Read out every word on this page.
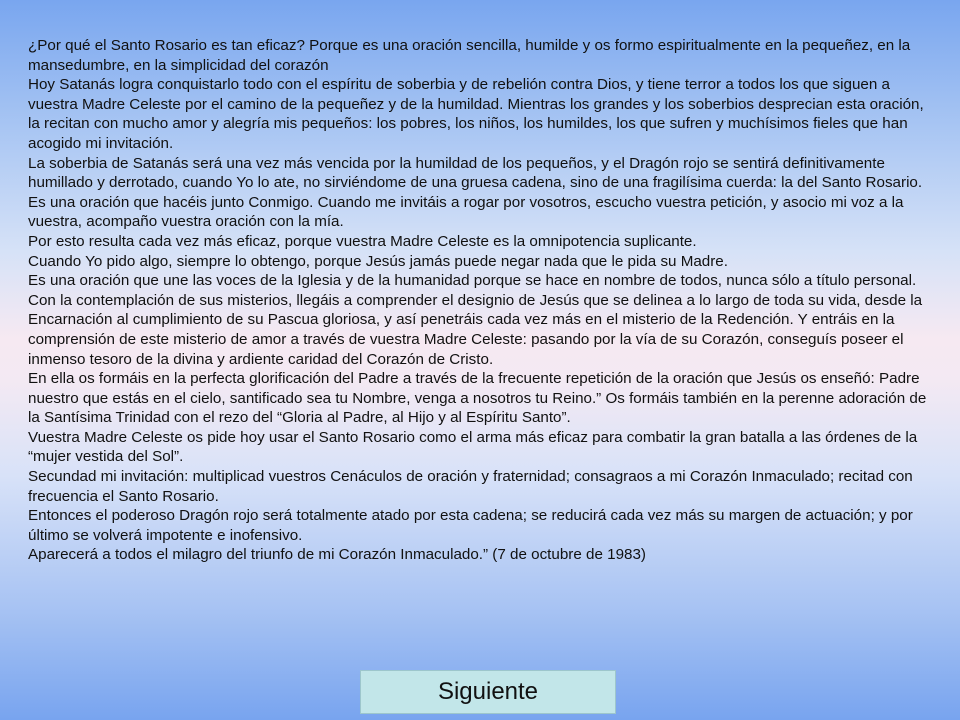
¿Por qué el Santo Rosario es tan eficaz? Porque es una oración sencilla, humilde y os formo espiritualmente en la pequeñez, en la mansedumbre, en la simplicidad del corazón

Hoy Satanás logra conquistarlo todo con el espíritu de soberbia y de rebelión contra Dios, y tiene terror a todos los que siguen a vuestra Madre Celeste por el camino de la pequeñez y de la humildad. Mientras los grandes y los soberbios desprecian esta oración, la recitan con mucho amor y alegría mis pequeños: los pobres, los niños, los humildes, los que sufren y muchísimos fieles que han acogido mi invitación.

La soberbia de Satanás será una vez más vencida por la humildad de los pequeños, y el Dragón rojo se sentirá definitivamente humillado y derrotado, cuando Yo lo ate, no sirviéndome de una gruesa cadena, sino de una fragilísima cuerda: la del Santo Rosario.

Es una oración que hacéis junto Conmigo. Cuando me invitáis a rogar por vosotros, escucho vuestra petición, y asocio mi voz a la vuestra, acompaño vuestra oración con la mía.

Por esto resulta cada vez más eficaz, porque vuestra Madre Celeste es la omnipotencia suplicante.

Cuando Yo pido algo, siempre lo obtengo, porque Jesús jamás puede negar nada que le pida su Madre.

Es una oración que une las voces de la Iglesia y de la humanidad porque se hace en nombre de todos, nunca sólo a título personal.

Con la contemplación de sus misterios, llegáis a comprender el designio de Jesús que se delinea a lo largo de toda su vida, desde la Encarnación al cumplimiento de su Pascua gloriosa, y así penetráis cada vez más en el misterio de la Redención. Y entráis en la comprensión de este misterio de amor a través de vuestra Madre Celeste: pasando por la vía de su Corazón, conseguís poseer el inmenso tesoro de la divina y ardiente caridad del Corazón de Cristo.

En ella os formáis en la perfecta glorificación del Padre a través de la frecuente repetición de la oración que Jesús os enseñó: Padre nuestro que estás en el cielo, santificado sea tu Nombre, venga a nosotros tu Reino.” Os formáis también en la perenne adoración de la Santísima Trinidad con el rezo del “Gloria al Padre, al Hijo y al Espíritu Santo”.

Vuestra Madre Celeste os pide hoy usar el Santo Rosario como el arma más eficaz para combatir la gran batalla a las órdenes de la “mujer vestida del Sol”.

Secundad mi invitación: multiplicad vuestros Cenáculos de oración y fraternidad; consagraos a mi Corazón Inmaculado; recitad con frecuencia el Santo Rosario.

Entonces el poderoso Dragón rojo será totalmente atado por esta cadena; se reducirá cada vez más su margen de actuación; y por último se volverá impotente e inofensivo.

Aparecerá a todos el milagro del triunfo de mi Corazón Inmaculado.” (7 de octubre de 1983)

Siguiente
